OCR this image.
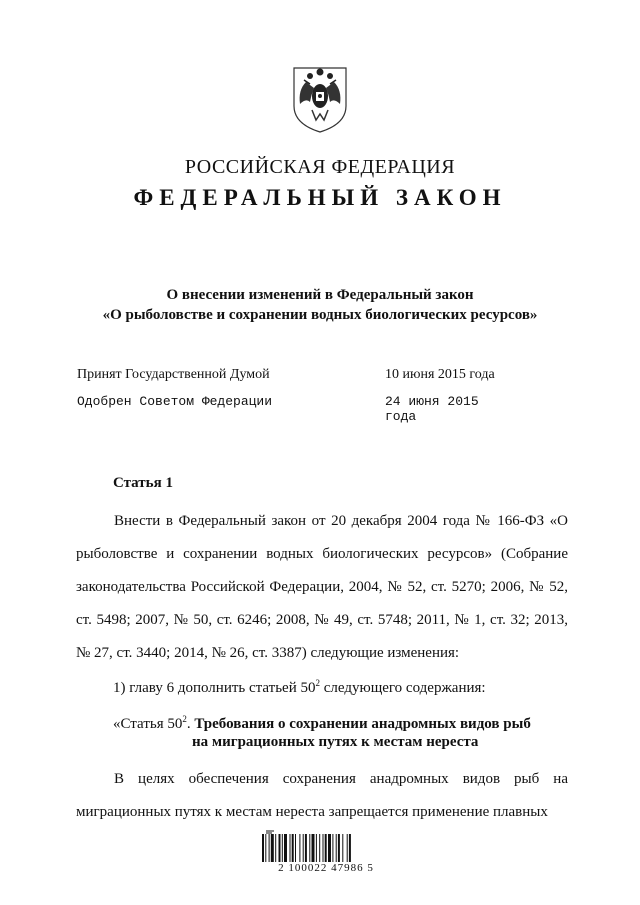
РОССИЙСКАЯ ФЕДЕРАЦИЯ
ФЕДЕРАЛЬНЫЙ ЗАКОН
О внесении изменений в Федеральный закон
«О рыболовстве и сохранении водных биологических ресурсов»
Принят Государственной Думой	10 июня 2015 года
Одобрен Советом Федерации	24 июня 2015 года
Статья 1
Внести в Федеральный закон от 20 декабря 2004 года № 166-ФЗ «О рыболовстве и сохранении водных биологических ресурсов» (Собрание законодательства Российской Федерации, 2004, № 52, ст. 5270; 2006, № 52, ст. 5498; 2007, № 50, ст. 6246; 2008, № 49, ст. 5748; 2011, № 1, ст. 32; 2013, № 27, ст. 3440; 2014, № 26, ст. 3387) следующие изменения:
1) главу 6 дополнить статьей $50^2$ следующего содержания:
«Статья $50^2$. Требования о сохранении анадромных видов рыб
на миграционных путях к местам нереста
В целях обеспечения сохранения анадромных видов рыб на миграционных путях к местам нереста запрещается применение плавных
2 100022 47986 5
